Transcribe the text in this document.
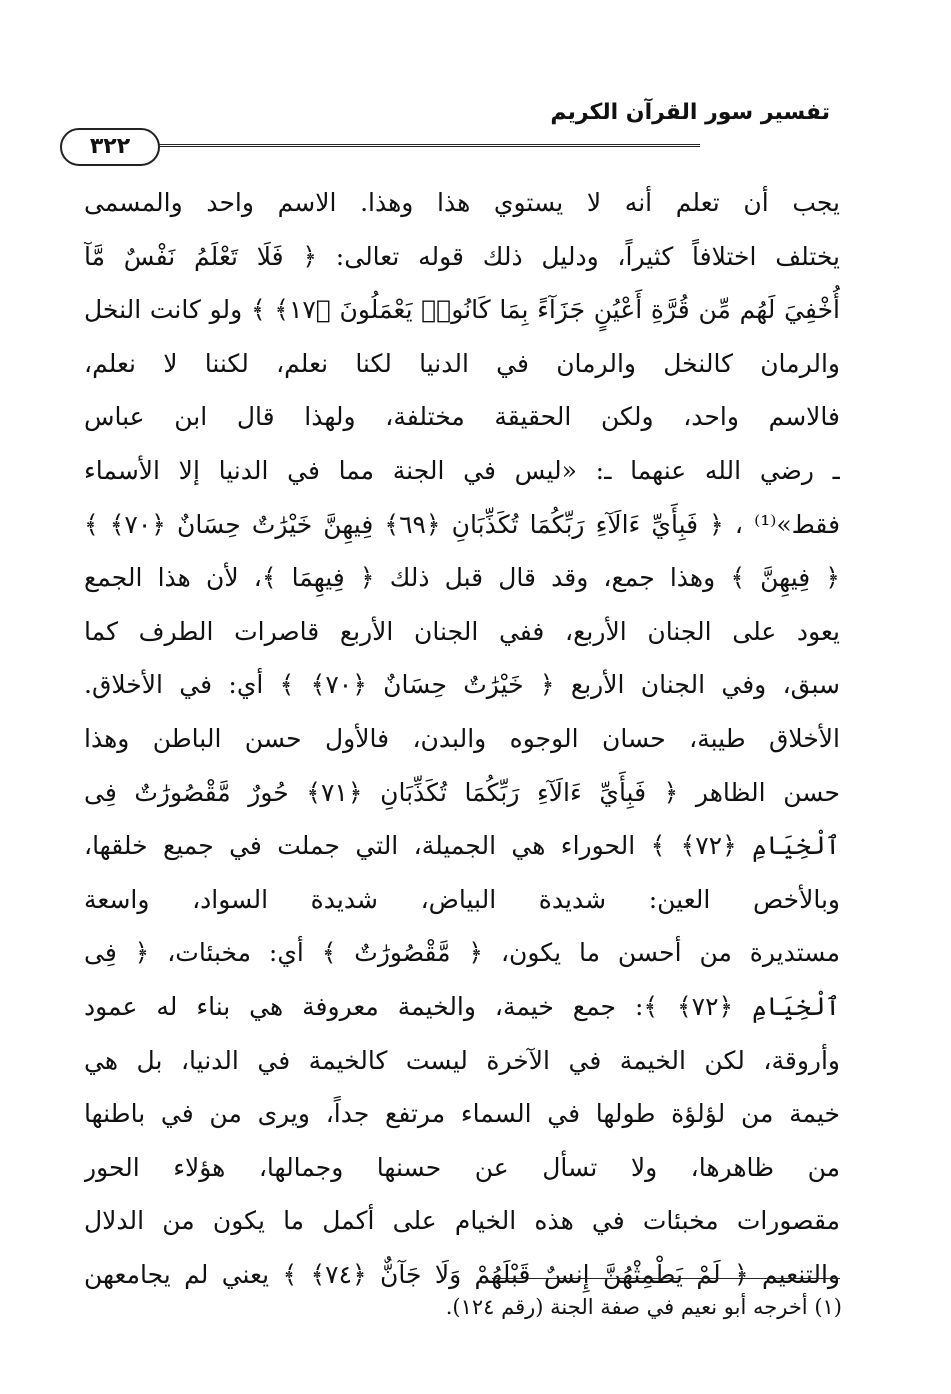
تفسير سور القرآن الكريم
٣٢٢
يجب أن تعلم أنه لا يستوي هذا وهذا. الاسم واحد والمسمى
يختلف اختلافاً كثيراً، ودليل ذلك قوله تعالى: ﴿ فَلَا تَعْلَمُ نَفْسٌ مَّآ
أُخْفِيَ لَهُم مِّن قُرَّةِ أَعْيُنٍ جَزَآءً بِمَا كَانُوا۟ يَعْمَلُونَ ﴿١٧﴾ ﴾ ولو كانت النخل
والرمان كالنخل والرمان في الدنيا لكنا نعلم، لكننا لا نعلم،
فالاسم واحد، ولكن الحقيقة مختلفة، ولهذا قال ابن عباس
ـ رضي الله عنهما ـ: «ليس في الجنة مما في الدنيا إلا الأسماء
فقط»⁽¹⁾ ، ﴿ فَبِأَيِّ ءَالَآءِ رَبِّكُمَا تُكَذِّبَانِ ﴿٦٩﴾ فِيهِنَّ خَيْرَٰتٌ حِسَانٌ ﴿٧٠﴾ ﴾
﴿ فِيهِنَّ ﴾ وهذا جمع، وقد قال قبل ذلك ﴿ فِيهِمَا ﴾، لأن هذا الجمع
يعود على الجنان الأربع، ففي الجنان الأربع قاصرات الطرف كما
سبق، وفي الجنان الأربع ﴿ خَيْرَٰتٌ حِسَانٌ ﴿٧٠﴾ ﴾ أي: في الأخلاق.
الأخلاق طيبة، حسان الوجوه والبدن، فالأول حسن الباطن وهذا
حسن الظاهر ﴿ فَبِأَيِّ ءَالَآءِ رَبِّكُمَا تُكَذِّبَانِ ﴿٧١﴾ حُورٌ مَّقْصُورَٰتٌ فِى
ٱلْخِيَامِ ﴿٧٢﴾ ﴾ الحوراء هي الجميلة، التي جملت في جميع خلقها،
وبالأخص العين: شديدة البياض، شديدة السواد، واسعة
مستديرة من أحسن ما يكون، ﴿ مَّقْصُورَٰتٌ ﴾ أي: مخبئات، ﴿ فِى
ٱلْخِيَامِ ﴿٧٢﴾ ﴾: جمع خيمة، والخيمة معروفة هي بناء له عمود
وأروقة، لكن الخيمة في الآخرة ليست كالخيمة في الدنيا، بل هي
خيمة من لؤلؤة طولها في السماء مرتفع جداً، ويرى من في باطنها
من ظاهرها، ولا تسأل عن حسنها وجمالها، هؤلاء الحور
مقصورات مخبئات في هذه الخيام على أكمل ما يكون من الدلال
والتنعيم ﴿ لَمْ يَطْمِثْهُنَّ إِنسٌ قَبْلَهُمْ وَلَا جَآنٌّ ﴿٧٤﴾ ﴾ يعني لم يجامعهن
(١) أخرجه أبو نعيم في صفة الجنة (رقم ١٢٤).
